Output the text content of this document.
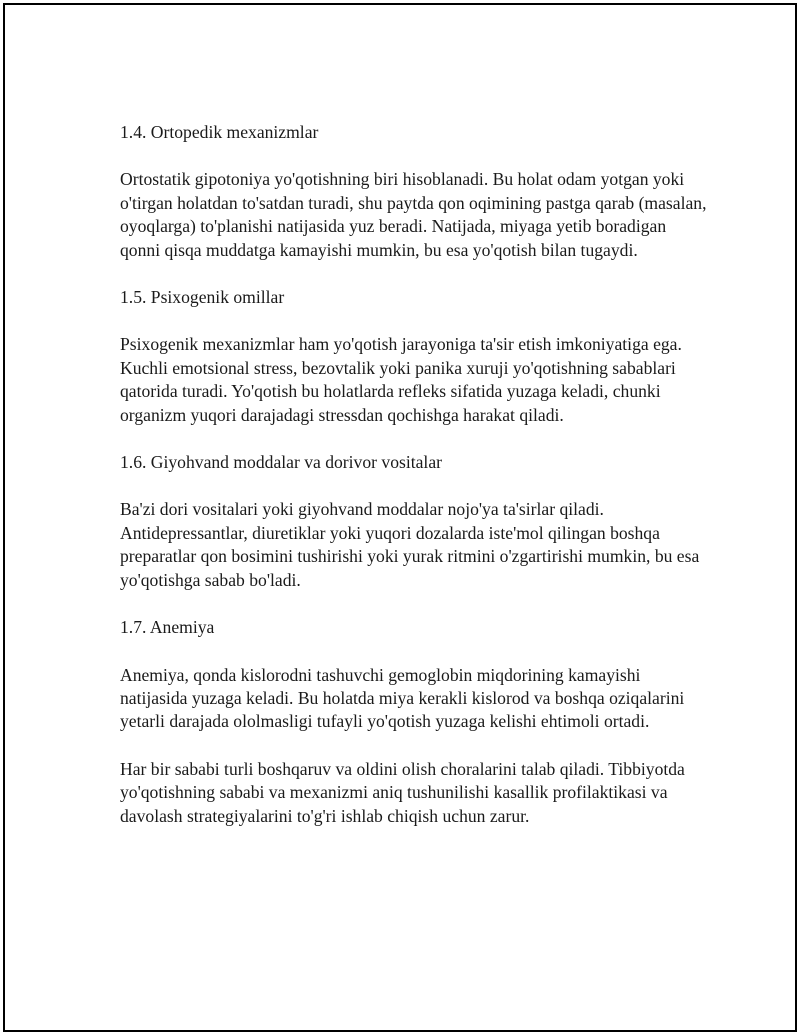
1.4. Ortopedik mexanizmlar

Ortostatik gipotoniya yo'qotishning biri hisoblanadi. Bu holat odam yotgan yoki o'tirgan holatdan to'satdan turadi, shu paytda qon oqimining pastga qarab (masalan, oyoqlarga) to'planishi natijasida yuz beradi. Natijada, miyaga yetib boradigan qonni qisqa muddatga kamayishi mumkin, bu esa yo'qotish bilan tugaydi.

1.5. Psixogenik omillar

Psixogenik mexanizmlar ham yo'qotish jarayoniga ta'sir etish imkoniyatiga ega. Kuchli emotsional stress, bezovtalik yoki panika xuruji yo'qotishning sabablari qatorida turadi. Yo'qotish bu holatlarda refleks sifatida yuzaga keladi, chunki organizm yuqori darajadagi stressdan qochishga harakat qiladi.

1.6. Giyohvand moddalar va dorivor vositalar

Ba'zi dori vositalari yoki giyohvand moddalar nojo'ya ta'sirlar qiladi. Antidepressantlar, diuretiklar yoki yuqori dozalarda iste'mol qilingan boshqa preparatlar qon bosimini tushirishi yoki yurak ritmini o'zgartirishi mumkin, bu esa yo'qotishga sabab bo'ladi.

1.7. Anemiya

Anemiya, qonda kislorodni tashuvchi gemoglobin miqdorining kamayishi natijasida yuzaga keladi. Bu holatda miya kerakli kislorod va boshqa oziqalarini yetarli darajada ololmasligi tufayli yo'qotish yuzaga kelishi ehtimoli ortadi.

Har bir sababi turli boshqaruv va oldini olish choralarini talab qiladi. Tibbiyotda yo'qotishning sababi va mexanizmi aniq tushunilishi kasallik profilaktikasi va davolash strategiyalarini to'g'ri ishlab chiqish uchun zarur.
